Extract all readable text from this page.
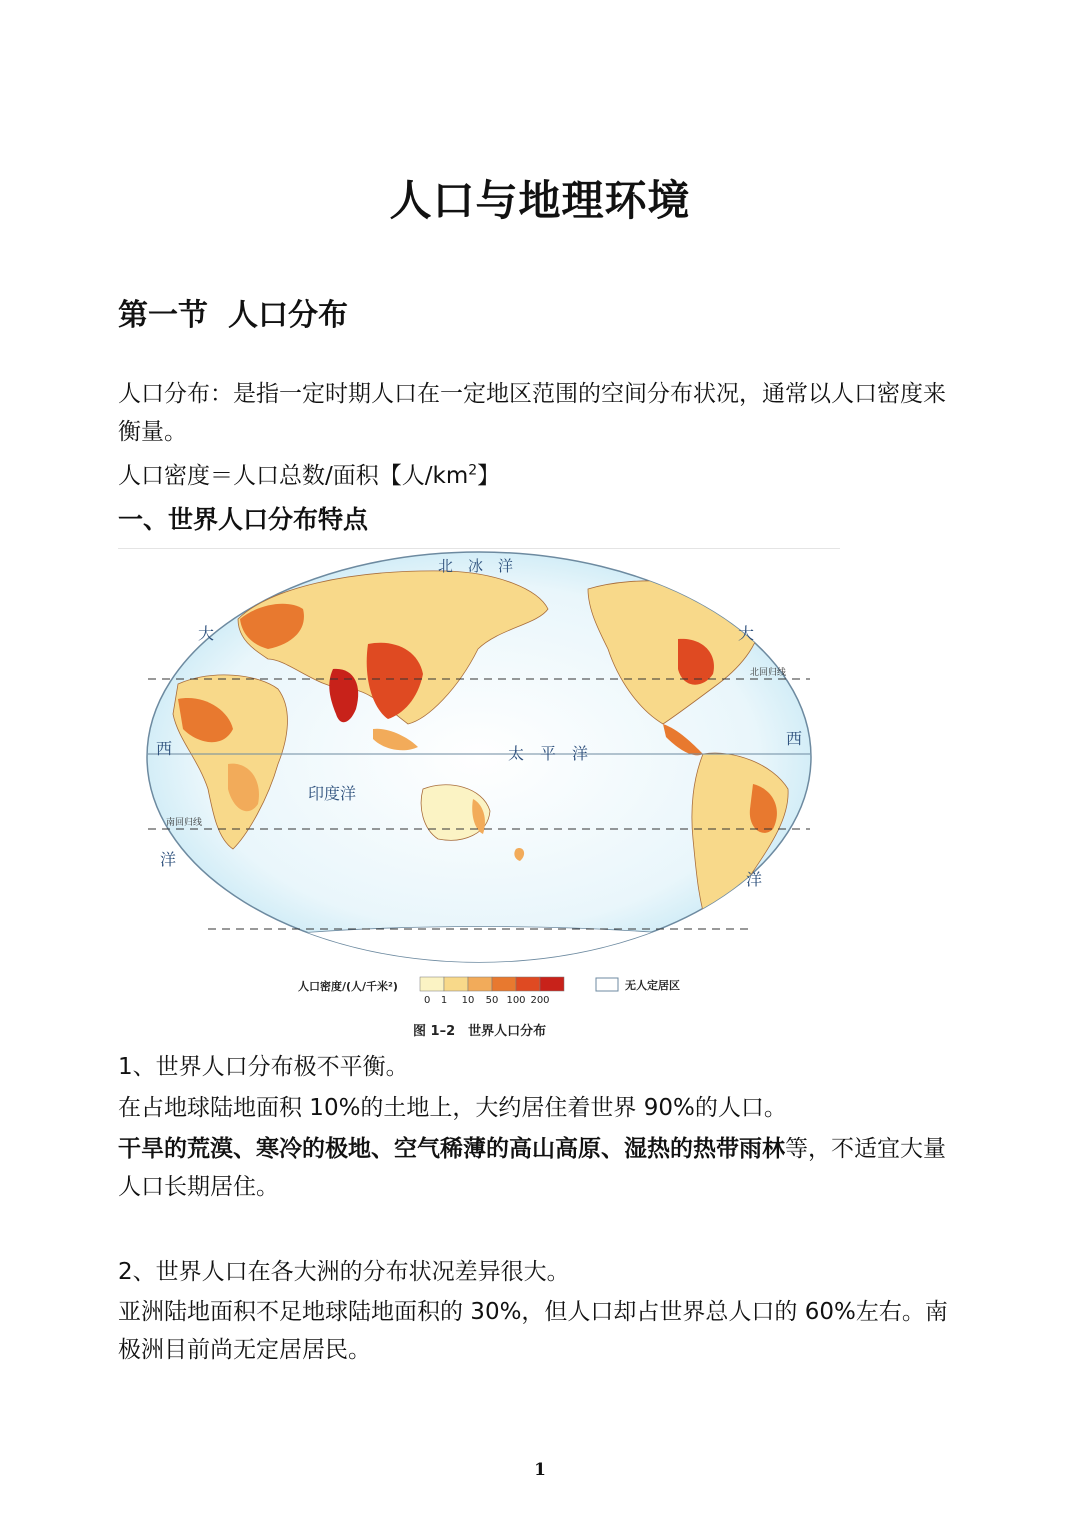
人口与地理环境
第一节 人口分布
人口分布：是指一定时期人口在一定地区范围的空间分布状况，通常以人口密度来衡量。
人口密度＝人口总数/面积【人$/km^2$】
一、世界人口分布特点
北　冰　洋
大	大
西
西
洋
洋
太　平　洋
印度洋
北回归线
南回归线
人口密度/(人/千米²)
0 1 10 50 100 200
无人定居区
图 1–2　世界人口分布
1、世界人口分布极不平衡。
在占地球陆地面积 10%的土地上，大约居住着世界 90%的人口。
干旱的荒漠、寒冷的极地、空气稀薄的高山高原、湿热的热带雨林等，不适宜大量人口长期居住。
2、世界人口在各大洲的分布状况差异很大。
亚洲陆地面积不足地球陆地面积的 30%，但人口却占世界总人口的 60%左右。南极洲目前尚无定居居民。
1
